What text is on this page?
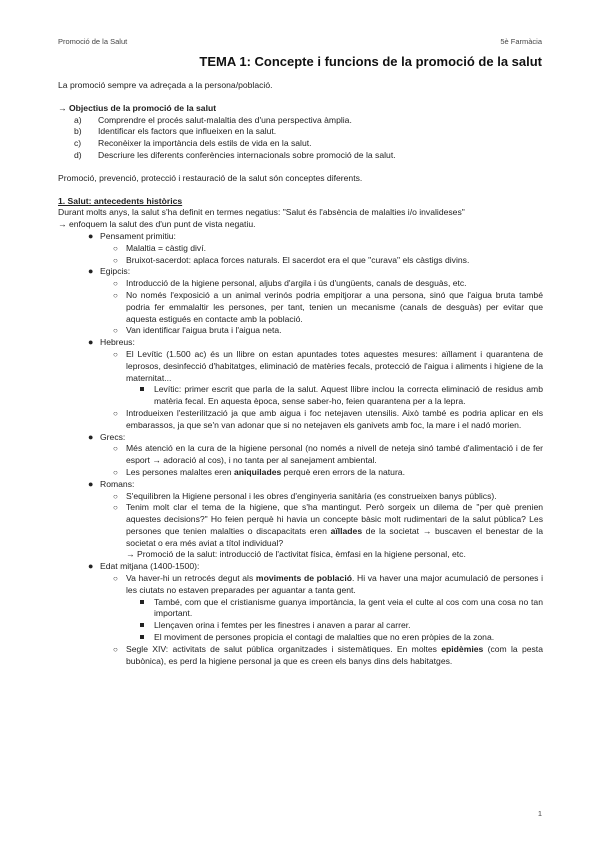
Promoció de la Salut	5è Farmàcia
TEMA 1: Concepte i funcions de la promoció de la salut

La promoció sempre va adreçada a la persona/població.

→ Objectius de la promoció de la salut

a) Comprendre el procés salut-malaltia des d'una perspectiva àmplia.
b) Identificar els factors que influeixen en la salut.
c) Reconèixer la importància dels estils de vida en la salut.
d) Descriure les diferents conferències internacionals sobre promoció de la salut.

Promoció, prevenció, protecció i restauració de la salut són conceptes diferents.

1. Salut: antecedents històrics

Durant molts anys, la salut s'ha definit en termes negatius: "Salut és l'absència de malalties i/o invalideses"

→ enfoquem la salut des d'un punt de vista negatiu.

● Pensament primitiu:
○ Malaltia = càstig diví.
○ Bruixot-sacerdot: aplaca forces naturals. El sacerdot era el que "curava" els càstigs divins.
● Egipcis:
○ Introducció de la higiene personal, aljubs d'argila i ús d'ungüents, canals de desguàs, etc.
○ No només l'exposició a un animal verinós podria empitjorar a una persona, sinó que l'aigua bruta també podria fer emmalaltir les persones, per tant, tenien un mecanisme (canals de desguàs) per evitar que aquesta estigués en contacte amb la població.
○ Van identificar l'aigua bruta i l'aigua neta.
● Hebreus:
○ El Levític (1.500 ac) és un llibre on estan apuntades totes aquestes mesures: aïllament i quarantena de leprosos, desinfecció d'habitatges, eliminació de matèries fecals, protecció de l'aigua i aliments i higiene de la maternitat...
Levític: primer escrit que parla de la salut. Aquest llibre inclou la correcta eliminació de residus amb matèria fecal. En aquesta època, sense saber-ho, feien quarantena per a la lepra.
○ Introdueixen l'esterilització ja que amb aigua i foc netejaven utensilis. Això també es podria aplicar en els embarassos, ja que se'n van adonar que si no netejaven els ganivets amb foc, la mare i el nadó morien.
● Grecs:
○ Més atenció en la cura de la higiene personal (no només a nivell de neteja sinó també d'alimentació i de fer esport → adoració al cos), i no tanta per al sanejament ambiental.
○ Les persones malaltes eren aniquilades perquè eren errors de la natura.
● Romans:
○ S'equilibren la Higiene personal i les obres d'enginyeria sanitària (es construeixen banys públics).
○ Tenim molt clar el tema de la higiene, que s'ha mantingut. Però sorgeix un dilema de "per què prenien aquestes decisions?" Ho feien perquè hi havia un concepte bàsic molt rudimentari de la salut pública? Les persones que tenien malalties o discapacitats eren aïllades de la societat → buscaven el benestar de la societat o era més aviat a títol individual?

→ Promoció de la salut: introducció de l'activitat física, èmfasi en la higiene personal, etc.

● Edat mitjana (1400-1500):
○ Va haver-hi un retrocés degut als moviments de població. Hi va haver una major acumulació de persones i les ciutats no estaven preparades per aguantar a tanta gent.
També, com que el cristianisme guanya importància, la gent veia el culte al cos com una cosa no tan important.
Llençaven orina i femtes per les finestres i anaven a parar al carrer.
El moviment de persones propicia el contagi de malalties que no eren pròpies de la zona.
○ Segle XIV: activitats de salut pública organitzades i sistemàtiques. En moltes epidèmies (com la pesta bubònica), es perd la higiene personal ja que es creen els banys dins dels habitatges.
1
